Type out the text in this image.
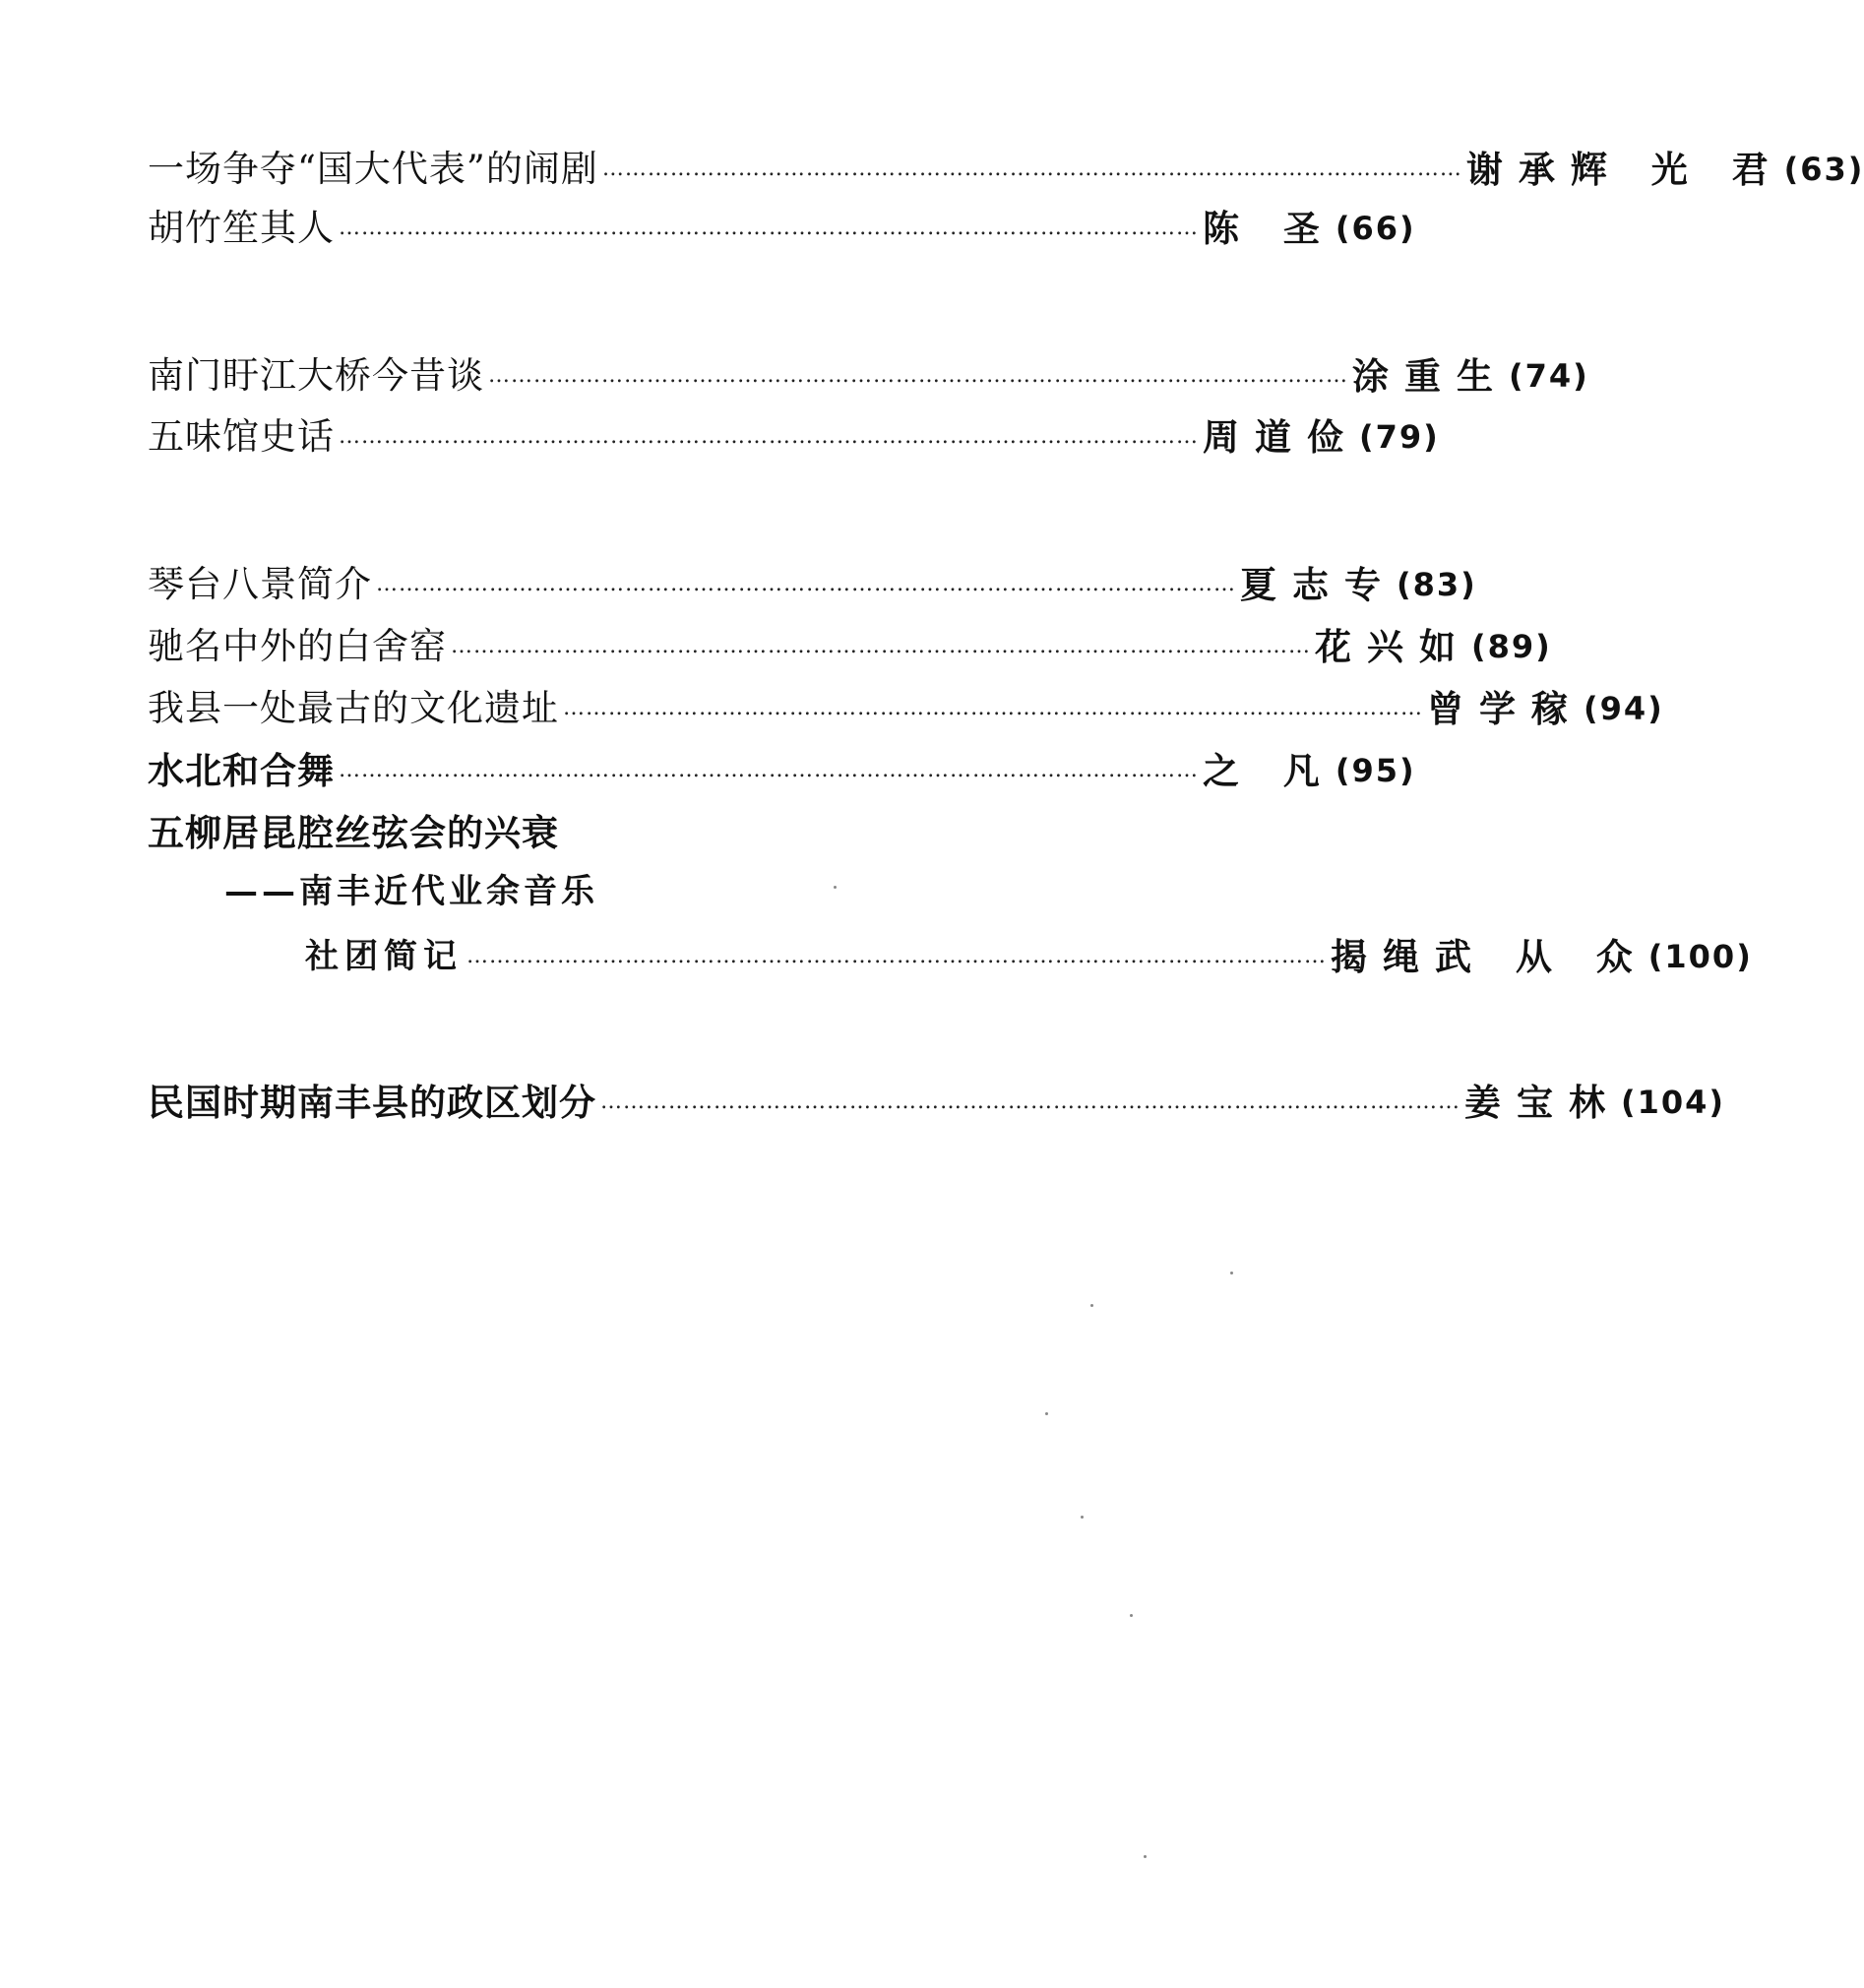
一场争夺“国大代表”的闹剧 …………………………………………………………………………………………………… 谢承辉 光 君 (63)
胡竹笙其人 …………………………………………………………………………………………………… 陈 圣 (66)
南门盱江大桥今昔谈 …………………………………………………………………………………………………… 涂重生 (74)
五味馆史话 …………………………………………………………………………………………………… 周道俭 (79)
琴台八景简介 …………………………………………………………………………………………………… 夏志专 (83)
驰名中外的白舍窑 …………………………………………………………………………………………………… 花兴如 (89)
我县一处最古的文化遗址 …………………………………………………………………………………………………… 曾学稼 (94)
水北和合舞 …………………………………………………………………………………………………… 之 凡 (95)
五柳居昆腔丝弦会的兴衰
——南丰近代业余音乐
社团简记 …………………………………………………………………………………………………… 揭绳武 从 众 (100)
民国时期南丰县的政区划分 …………………………………………………………………………………………………… 姜宝林 (104)
